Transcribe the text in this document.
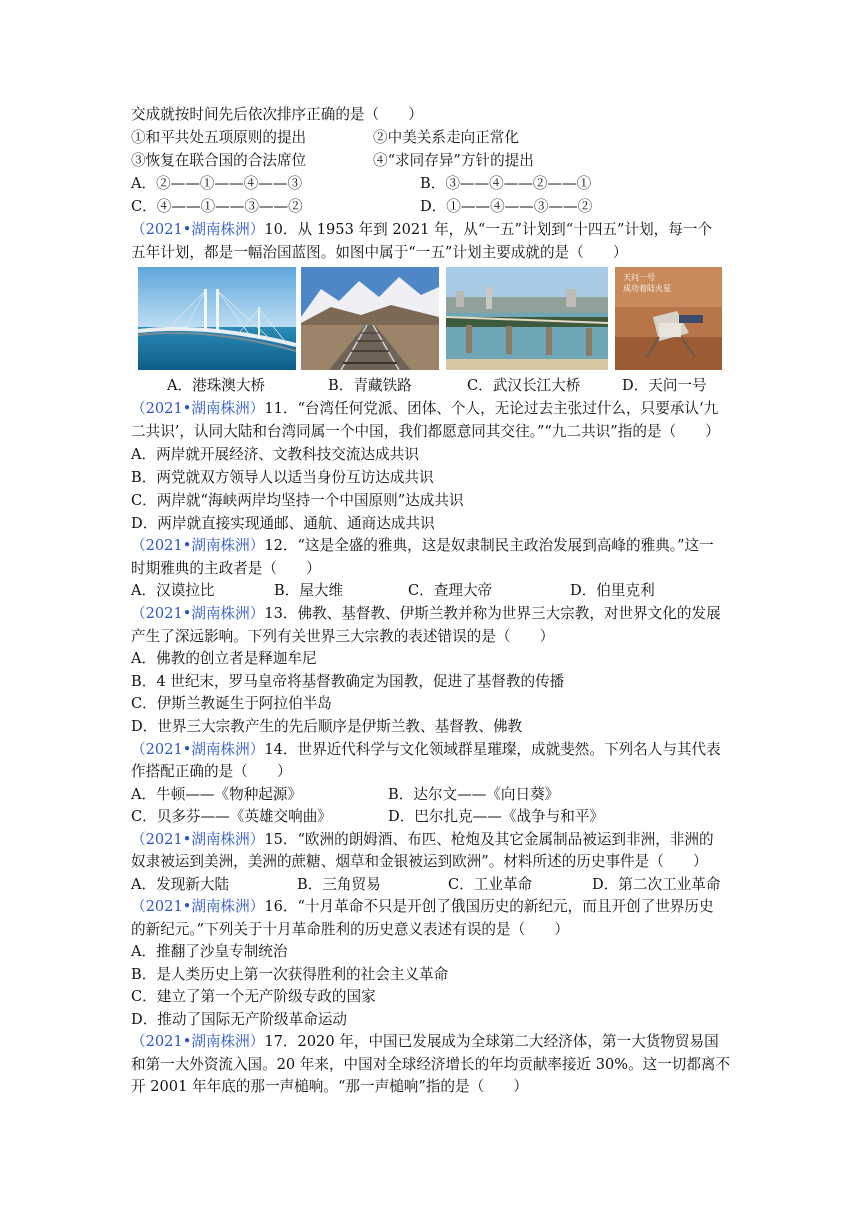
交成就按时间先后依次排序正确的是（　　）
①和平共处五项原则的提出	②中美关系走向正常化
③恢复在联合国的合法席位	④“求同存异”方针的提出
A．②——①——④——③	B．③——④——②——①
C．④——①——③——②	D．①——④——③——②
（2021•湖南株洲）10．从 1953 年到 2021 年，从“一五”计划到“十四五”计划，每一个
五年计划，都是一幅治国蓝图。如图中属于“一五”计划主要成就的是（　　）
天问一号
成功着陆火星
A．港珠澳大桥	B．青藏铁路	C．武汉长江大桥	D．天问一号
（2021•湖南株洲）11．“台湾任何党派、团体、个人，无论过去主张过什么，只要承认‘九
二共识’，认同大陆和台湾同属一个中国，我们都愿意同其交往。”“九二共识”指的是（　　）
A．两岸就开展经济、文教科技交流达成共识
B．两党就双方领导人以适当身份互访达成共识
C．两岸就“海峡两岸均坚持一个中国原则”达成共识
D．两岸就直接实现通邮、通航、通商达成共识
（2021•湖南株洲）12．“这是全盛的雅典，这是奴隶制民主政治发展到高峰的雅典。”这一
时期雅典的主政者是（　　）
A．汉谟拉比	B．屋大维	C．查理大帝	D．伯里克利
（2021•湖南株洲）13．佛教、基督教、伊斯兰教并称为世界三大宗教，对世界文化的发展
产生了深远影响。下列有关世界三大宗教的表述错误的是（　　）
A．佛教的创立者是释迦牟尼
B．4 世纪末，罗马皇帝将基督教确定为国教，促进了基督教的传播
C．伊斯兰教诞生于阿拉伯半岛
D．世界三大宗教产生的先后顺序是伊斯兰教、基督教、佛教
（2021•湖南株洲）14．世界近代科学与文化领域群星璀璨，成就斐然。下列名人与其代表
作搭配正确的是（　　）
A．牛顿——《物种起源》	B．达尔文——《向日葵》
C．贝多芬——《英雄交响曲》	D．巴尔扎克——《战争与和平》
（2021•湖南株洲）15．“欧洲的朗姆酒、布匹、枪炮及其它金属制品被运到非洲，非洲的
奴隶被运到美洲，美洲的蔗糖、烟草和金银被运到欧洲”。材料所述的历史事件是（　　）
A．发现新大陆	B．三角贸易	C．工业革命	D．第二次工业革命
（2021•湖南株洲）16．“十月革命不只是开创了俄国历史的新纪元，而且开创了世界历史
的新纪元。”下列关于十月革命胜利的历史意义表述有误的是（　　）
A．推翻了沙皇专制统治
B．是人类历史上第一次获得胜利的社会主义革命
C．建立了第一个无产阶级专政的国家
D．推动了国际无产阶级革命运动
（2021•湖南株洲）17．2020 年，中国已发展成为全球第二大经济体，第一大货物贸易国
和第一大外资流入国。20 年来，中国对全球经济增长的年均贡献率接近 30%。这一切都离不
开 2001 年年底的那一声槌响。“那一声槌响”指的是（　　）
